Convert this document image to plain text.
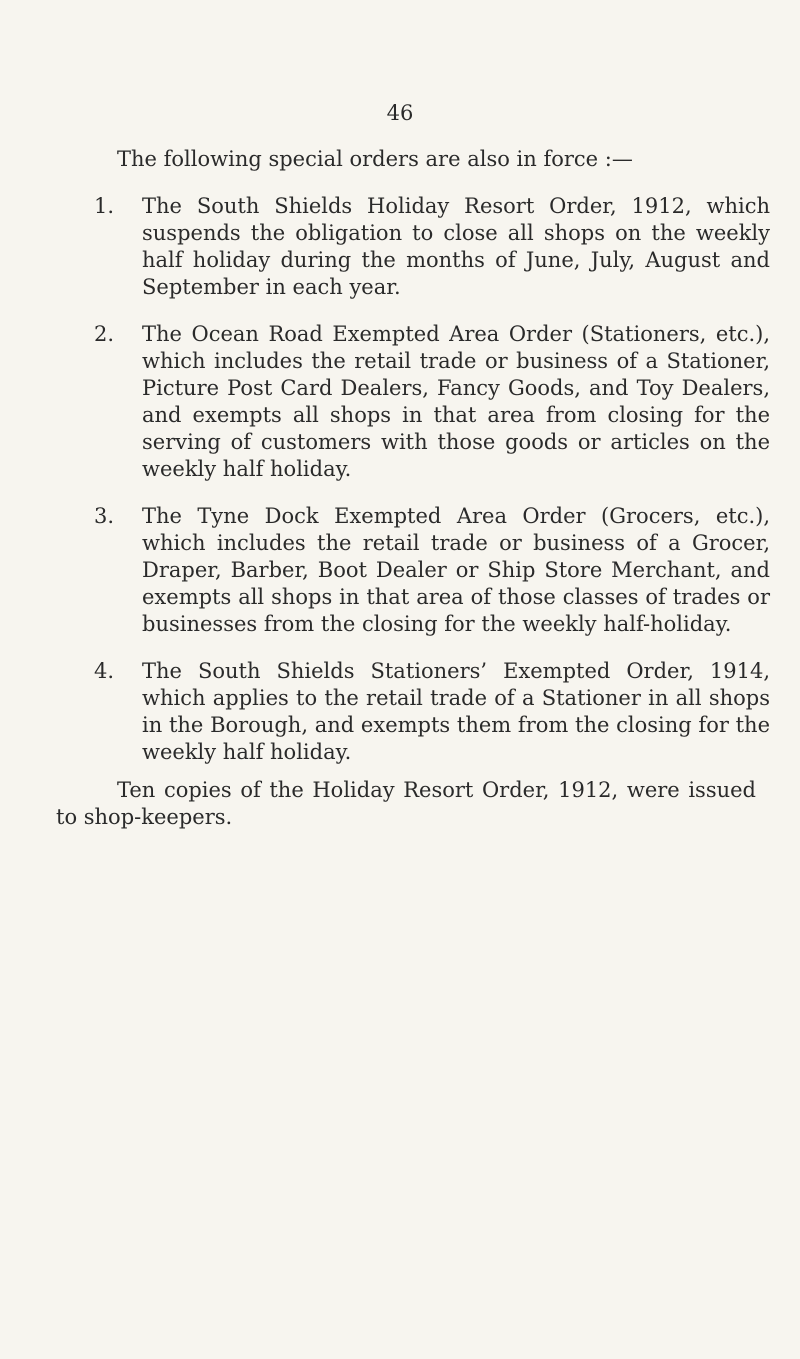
46

The following special orders are also in force :—

1. The South Shields Holiday Resort Order, 1912, which suspends the obligation to close all shops on the weekly half holiday during the months of June, July, August and September in each year.
2. The Ocean Road Exempted Area Order (Stationers, etc.), which includes the retail trade or business of a Stationer, Picture Post Card Dealers, Fancy Goods, and Toy Dealers, and exempts all shops in that area from closing for the serving of customers with those goods or articles on the weekly half holiday.
3. The Tyne Dock Exempted Area Order (Grocers, etc.), which includes the retail trade or business of a Grocer, Draper, Barber, Boot Dealer or Ship Store Merchant, and exempts all shops in that area of those classes of trades or businesses from the closing for the weekly half-holiday.
4. The South Shields Stationers’ Exempted Order, 1914, which applies to the retail trade of a Stationer in all shops in the Borough, and exempts them from the closing for the weekly half holiday.

Ten copies of the Holiday Resort Order, 1912, were issued to shop-keepers.
